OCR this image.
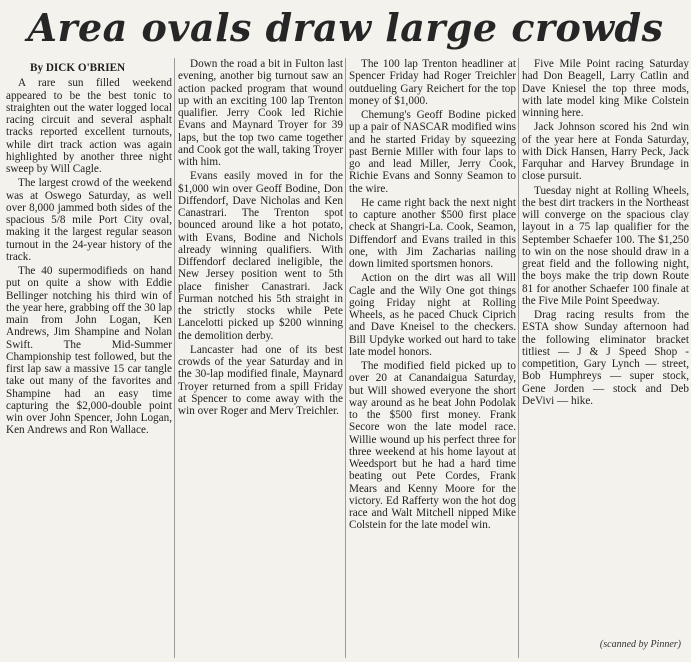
Area ovals draw large crowds
By DICK O'BRIEN

A rare sun filled weekend appeared to be the best tonic to straighten out the water logged local racing circuit and several asphalt tracks reported excellent turnouts, while dirt track action was again highlighted by another three night sweep by Will Cagle.

The largest crowd of the weekend was at Oswego Saturday, as well over 8,000 jammed both sides of the spacious 5/8 mile Port City oval, making it the largest regular season turnout in the 24-year history of the track.

The 40 supermodifieds on hand put on quite a show with Eddie Bellinger notching his third win of the year here, grabbing off the 30 lap main from John Logan, Ken Andrews, Jim Shampine and Nolan Swift. The Mid-Summer Championship test followed, but the first lap saw a massive 15 car tangle take out many of the favorites and Shampine had an easy time capturing the $2,000-double point win over John Spencer, John Logan, Ken Andrews and Ron Wallace.

Down the road a bit in Fulton last evening, another big turnout saw an action packed program that wound up with an exciting 100 lap Trenton qualifier. Jerry Cook led Richie Evans and Maynard Troyer for 39 laps, but the top two came together and Cook got the wall, taking Troyer with him.

Evans easily moved in for the $1,000 win over Geoff Bodine, Don Diffendorf, Dave Nicholas and Ken Canastrari. The Trenton spot bounced around like a hot potato, with Evans, Bodine and Nichols already winning qualifiers. With Diffendorf declared ineligible, the New Jersey position went to 5th place finisher Canastrari. Jack Furman notched his 5th straight in the strictly stocks while Pete Lancelotti picked up $200 winning the demolition derby.

Lancaster had one of its best crowds of the year Saturday and in the 30-lap modified finale, Maynard Troyer returned from a spill Friday at Spencer to come away with the win over Roger and Merv Treichler.

The 100 lap Trenton headliner at Spencer Friday had Roger Treichler outdueling Gary Reichert for the top money of $1,000.

Chemung's Geoff Bodine picked up a pair of NASCAR modified wins and he started Friday by squeezing past Bernie Miller with four laps to go and lead Miller, Jerry Cook, Richie Evans and Sonny Seamon to the wire.

He came right back the next night to capture another $500 first place check at Shangri-La. Cook, Seamon, Diffendorf and Evans trailed in this one, with Jim Zacharias nailing down limited sportsmen honors.

Action on the dirt was all Will Cagle and the Wily One got things going Friday night at Rolling Wheels, as he paced Chuck Ciprich and Dave Kneisel to the checkers. Bill Updyke worked out hard to take late model honors.

The modified field picked up to over 20 at Canandaigua Saturday, but Will showed everyone the short way around as he beat John Podolak to the $500 first money. Frank Secore won the late model race. Willie wound up his perfect three for three weekend at his home layout at Weedsport but he had a hard time beating out Pete Cordes, Frank Mears and Kenny Moore for the victory. Ed Rafferty won the hot dog race and Walt Mitchell nipped Mike Colstein for the late model win.

Five Mile Point racing Saturday had Don Beagell, Larry Catlin and Dave Kniesel the top three mods, with late model king Mike Colstein winning here.

Jack Johnson scored his 2nd win of the year here at Fonda Saturday, with Dick Hansen, Harry Peck, Jack Farquhar and Harvey Brundage in close pursuit.

Tuesday night at Rolling Wheels, the best dirt trackers in the Northeast will converge on the spacious clay layout in a 75 lap qualifier for the September Schaefer 100. The $1,250 to win on the nose should draw in a great field and the following night, the boys make the trip down Route 81 for another Schaefer 100 finale at the Five Mile Point Speedway.

Drag racing results from the ESTA show Sunday afternoon had the following eliminator bracket titliest — J & J Speed Shop - competition, Gary Lynch — street, Bob Humphreys — super stock, Gene Jorden — stock and Deb DeVivi — hike.

(scanned by Pinner)
